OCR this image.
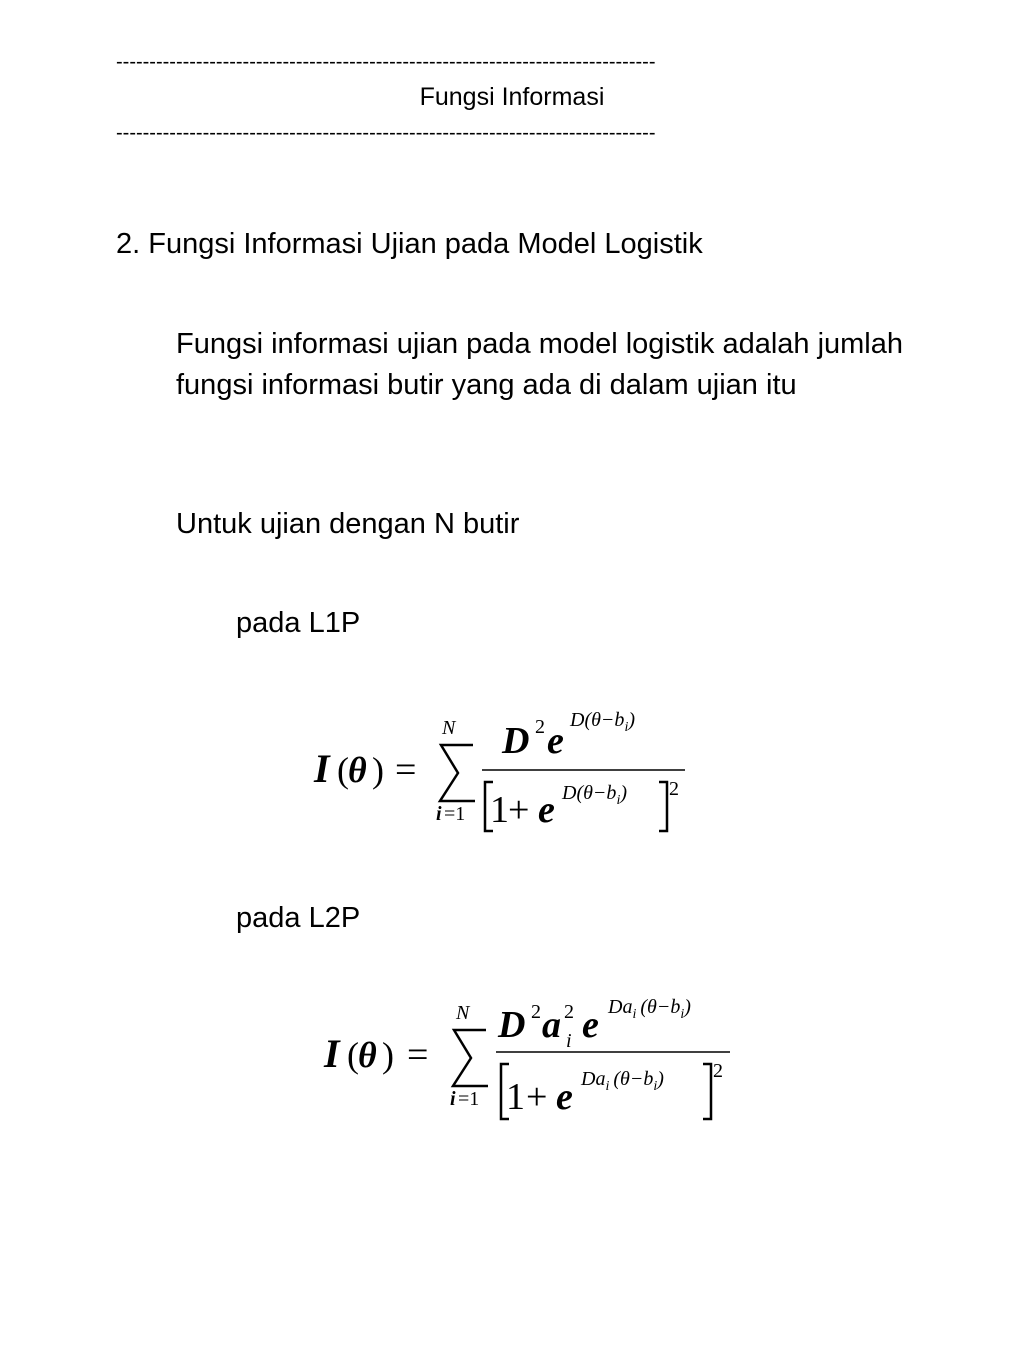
---------------------------------------------------------------------------------
Fungsi Informasi
---------------------------------------------------------------------------------
2. Fungsi Informasi Ujian pada Model Logistik
Fungsi informasi ujian pada model logistik adalah jumlah fungsi informasi butir yang ada di dalam ujian itu
Untuk ujian dengan N butir
pada L1P
I ( θ ) =
N
i =1
D 2 e $D(\theta-b_i)$
1 + e $D(\theta-b_i)$ 2
pada L2P
I ( θ ) =
N
i =1
D 2 a 2
i e $Da_i$ $(\theta-b_i)$
1 + e $Da_i$ $(\theta-b_i)$ 2
